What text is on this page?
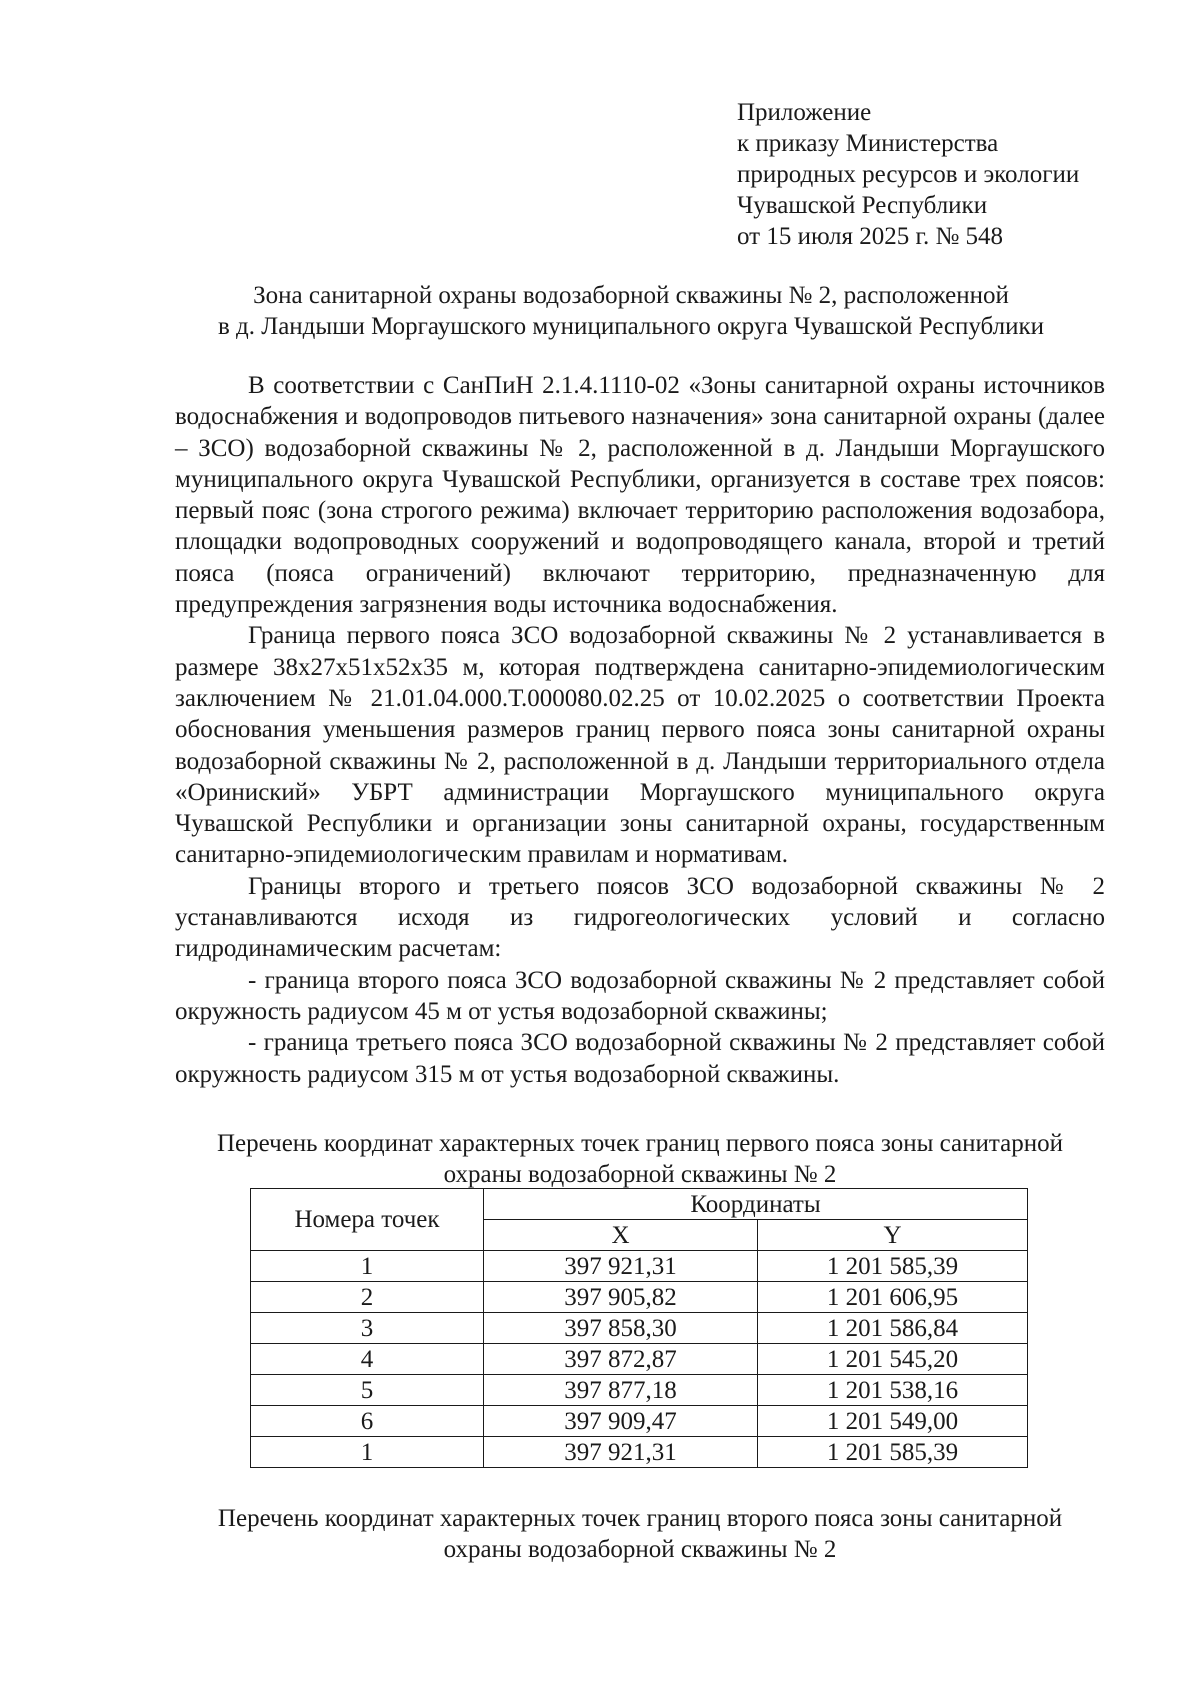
Приложение
к приказу Министерства
природных ресурсов и экологии
Чувашской Республики
от 15 июля 2025 г. № 548
Зона санитарной охраны водозаборной скважины № 2, расположенной
в д. Ландыши Моргаушского муниципального округа Чувашской Республики

В соответствии с СанПиН 2.1.4.1110-02 «Зоны санитарной охраны источников водоснабжения и водопроводов питьевого назначения» зона санитарной охраны (далее – ЗСО) водозаборной скважины № 2, расположенной в д. Ландыши Моргаушского муниципального округа Чувашской Республики, организуется в составе трех поясов: первый пояс (зона строгого режима) включает территорию расположения водозабора, площадки водопроводных сооружений и водопроводящего канала, второй и третий пояса (пояса ограничений) включают территорию, предназначенную для предупреждения загрязнения воды источника водоснабжения.

Граница первого пояса ЗСО водозаборной скважины № 2 устанавливается в размере 38х27х51х52х35 м, которая подтверждена санитарно-эпидемиологическим заключением № 21.01.04.000.Т.000080.02.25 от 10.02.2025 о соответствии Проекта обоснования уменьшения размеров границ первого пояса зоны санитарной охраны водозаборной скважины № 2, расположенной в д. Ландыши территориального отдела «Ориниский» УБРТ администрации Моргаушского муниципального округа Чувашской Республики и организации зоны санитарной охраны, государственным санитарно-эпидемиологическим правилам и нормативам.

Границы второго и третьего поясов ЗСО водозаборной скважины № 2 устанавливаются исходя из гидрогеологических условий и согласно гидродинамическим расчетам:

- граница второго пояса ЗСО водозаборной скважины № 2 представляет собой окружность радиусом 45 м от устья водозаборной скважины;

- граница третьего пояса ЗСО водозаборной скважины № 2 представляет собой окружность радиусом 315 м от устья водозаборной скважины.

Перечень координат характерных точек границ первого пояса зоны санитарной
охраны водозаборной скважины № 2
Номера точек	Координаты	
	X	Y
1	397 921,31	1 201 585,39
2	397 905,82	1 201 606,95
3	397 858,30	1 201 586,84
4	397 872,87	1 201 545,20
5	397 877,18	1 201 538,16
6	397 909,47	1 201 549,00
1	397 921,31	1 201 585,39
Перечень координат характерных точек границ второго пояса зоны санитарной
охраны водозаборной скважины № 2
